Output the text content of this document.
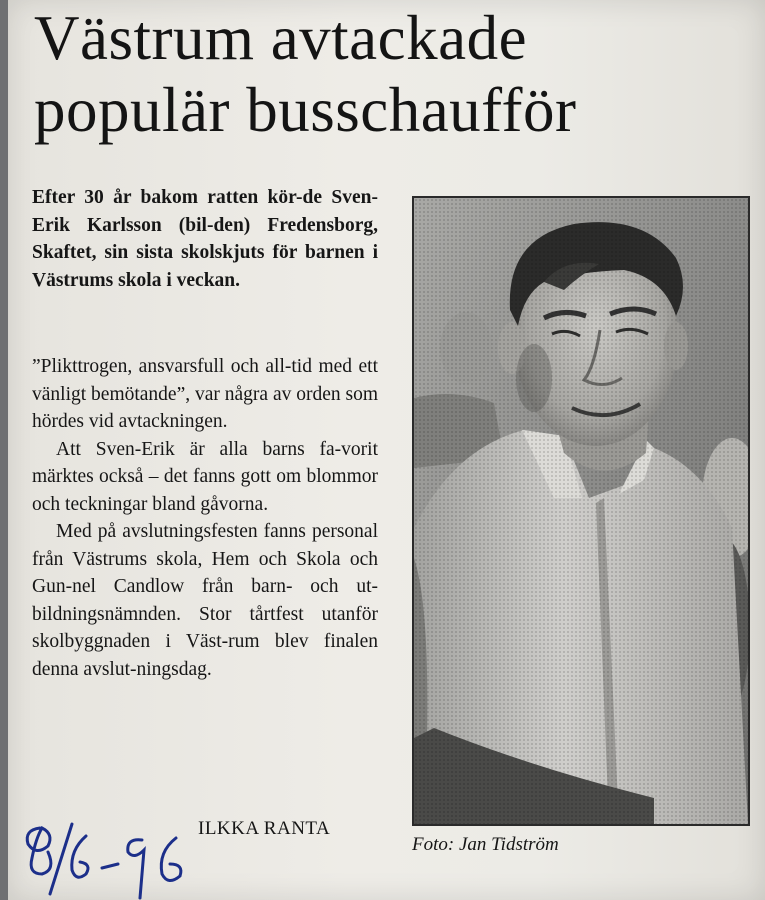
Västrum avtackade
populär busschaufför

Efter 30 år bakom ratten kör-de Sven-Erik Karlsson (bil-den) Fredensborg, Skaftet, sin sista skolskjuts för barnen i Västrums skola i veckan.

”Plikttrogen, ansvarsfull och all-tid med ett vänligt bemötande”, var några av orden som hördes vid avtackningen.

Att Sven-Erik är alla barns fa-vorit märktes också – det fanns gott om blommor och teckningar bland gåvorna.

Med på avslutningsfesten fanns personal från Västrums skola, Hem och Skola och Gun-nel Candlow från barn- och ut-bildningsnämnden. Stor tårtfest utanför skolbyggnaden i Väst-rum blev finalen denna avslut-ningsdag.

ILKKA RANTA
Foto: Jan Tidström
8/6-96
